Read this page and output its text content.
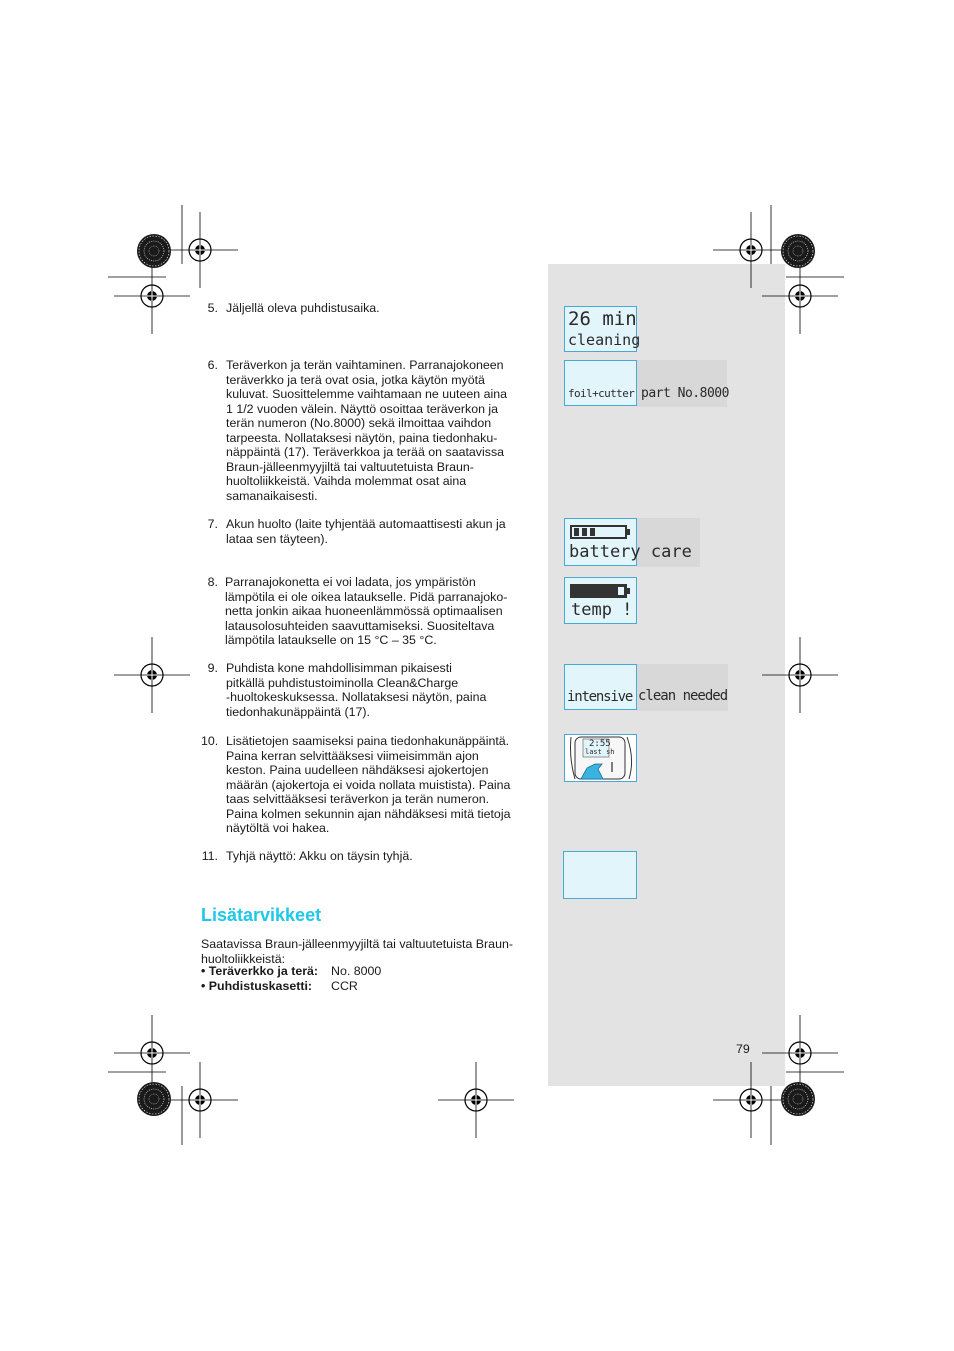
5. Jäljellä oleva puhdistusaika.
6. Teräverkon ja terän vaihtaminen. Parranajokoneen
teräverkko ja terä ovat osia, jotka käytön myötä
kuluvat. Suosittelemme vaihtamaan ne uuteen aina
1 1/2 vuoden välein. Näyttö osoittaa teräverkon ja
terän numeron (No.8000) sekä ilmoittaa vaihdon
tarpeesta. Nollataksesi näytön, paina tiedonhaku-
näppäintä (17). Teräverkkoa ja terää on saatavissa
Braun-jälleenmyyjiltä tai valtuutetuista Braun-
huoltoliikkeistä. Vaihda molemmat osat aina
samanaikaisesti.
7. Akun huolto (laite tyhjentää automaattisesti akun ja
lataa sen täyteen).
8. Parranajokonetta ei voi ladata, jos ympäristön
lämpötila ei ole oikea lataukselle. Pidä parranajoko-
netta jonkin aikaa huoneenlämmössä optimaalisen
latausolosuhteiden saavuttamiseksi. Suositeltava
lämpötila lataukselle on 15 °C – 35 °C.
9. Puhdista kone mahdollisimman pikaisesti
pitkällä puhdistustoiminolla Clean&Charge
-huoltokeskuksessa. Nollataksesi näytön, paina
tiedonhakunäppäintä (17).
10. Lisätietojen saamiseksi paina tiedonhakunäppäintä.
Paina kerran selvittääksesi viimeisimmän ajon
keston. Paina uudelleen nähdäksesi ajokertojen
määrän (ajokertoja ei voida nollata muistista). Paina
taas selvittääksesi teräverkon ja terän numeron.
Paina kolmen sekunnin ajan nähdäksesi mitä tietoja
näytöltä voi hakea.
11. Tyhjä näyttö: Akku on täysin tyhjä.
Lisätarvikkeet
Saatavissa Braun-jälleenmyyjiltä tai valtuutetuista Braun-
huoltoliikkeistä:
• Teräverkko ja terä: No. 8000
• Puhdistuskasetti: CCR
79
26 min
cleaning
foil+cutter part No.8000
battery care
temp !
intensive clean needed
2:55
last sh
